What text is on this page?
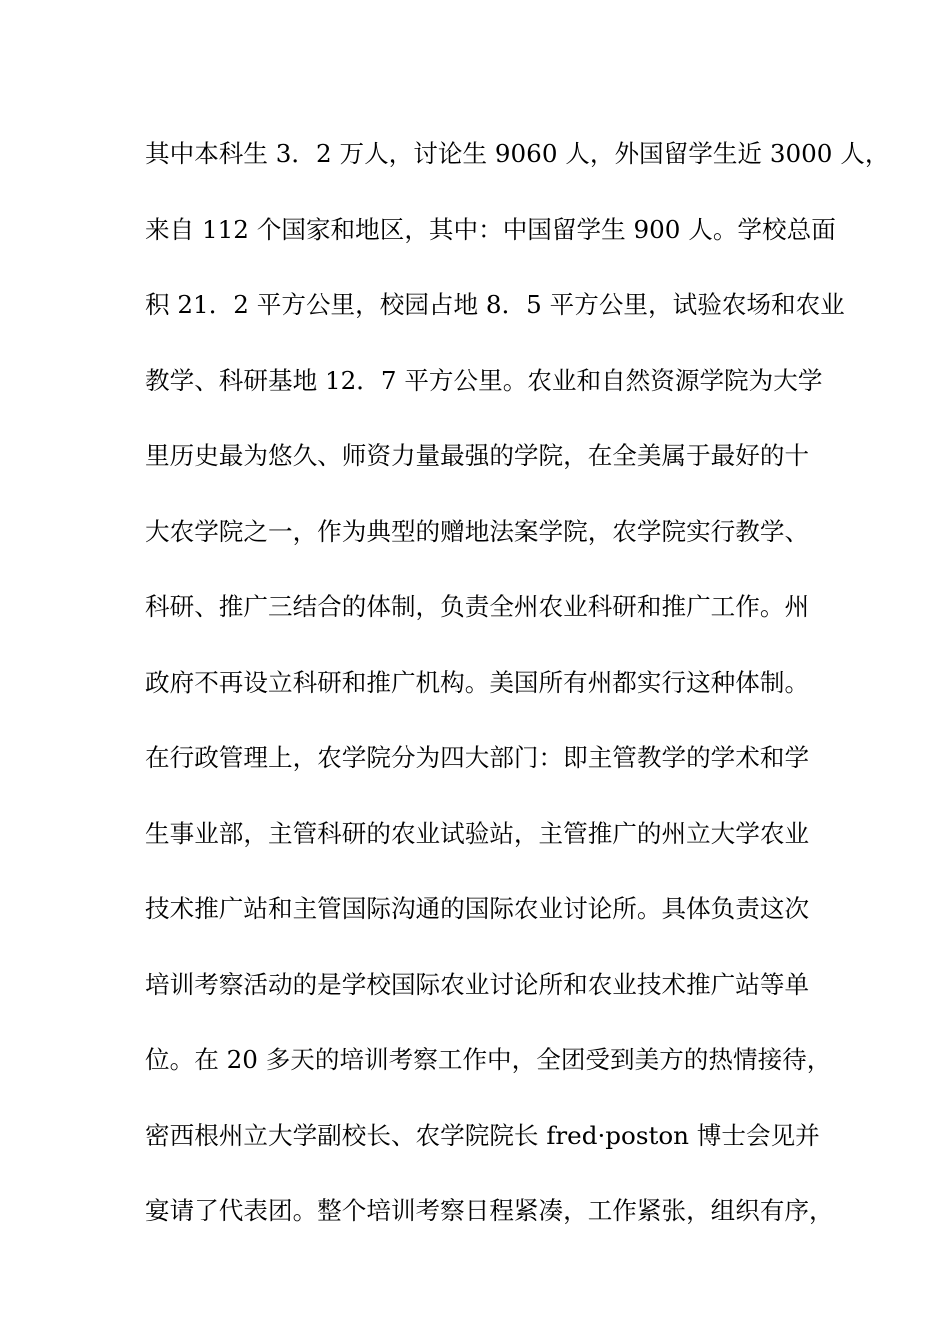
其中本科生 3．2 万人，讨论生 9060 人，外国留学生近 3000 人，
来自 112 个国家和地区，其中：中国留学生 900 人。学校总面
积 21．2 平方公里，校园占地 8．5 平方公里，试验农场和农业
教学、科研基地 12．7 平方公里。农业和自然资源学院为大学
里历史最为悠久、师资力量最强的学院，在全美属于最好的十
大农学院之一，作为典型的赠地法案学院，农学院实行教学、
科研、推广三结合的体制，负责全州农业科研和推广工作。州
政府不再设立科研和推广机构。美国所有州都实行这种体制。
在行政管理上，农学院分为四大部门：即主管教学的学术和学
生事业部，主管科研的农业试验站，主管推广的州立大学农业
技术推广站和主管国际沟通的国际农业讨论所。具体负责这次
培训考察活动的是学校国际农业讨论所和农业技术推广站等单
位。在 20 多天的培训考察工作中，全团受到美方的热情接待，
密西根州立大学副校长、农学院院长 fred·poston 博士会见并
宴请了代表团。整个培训考察日程紧凑，工作紧张，组织有序，
